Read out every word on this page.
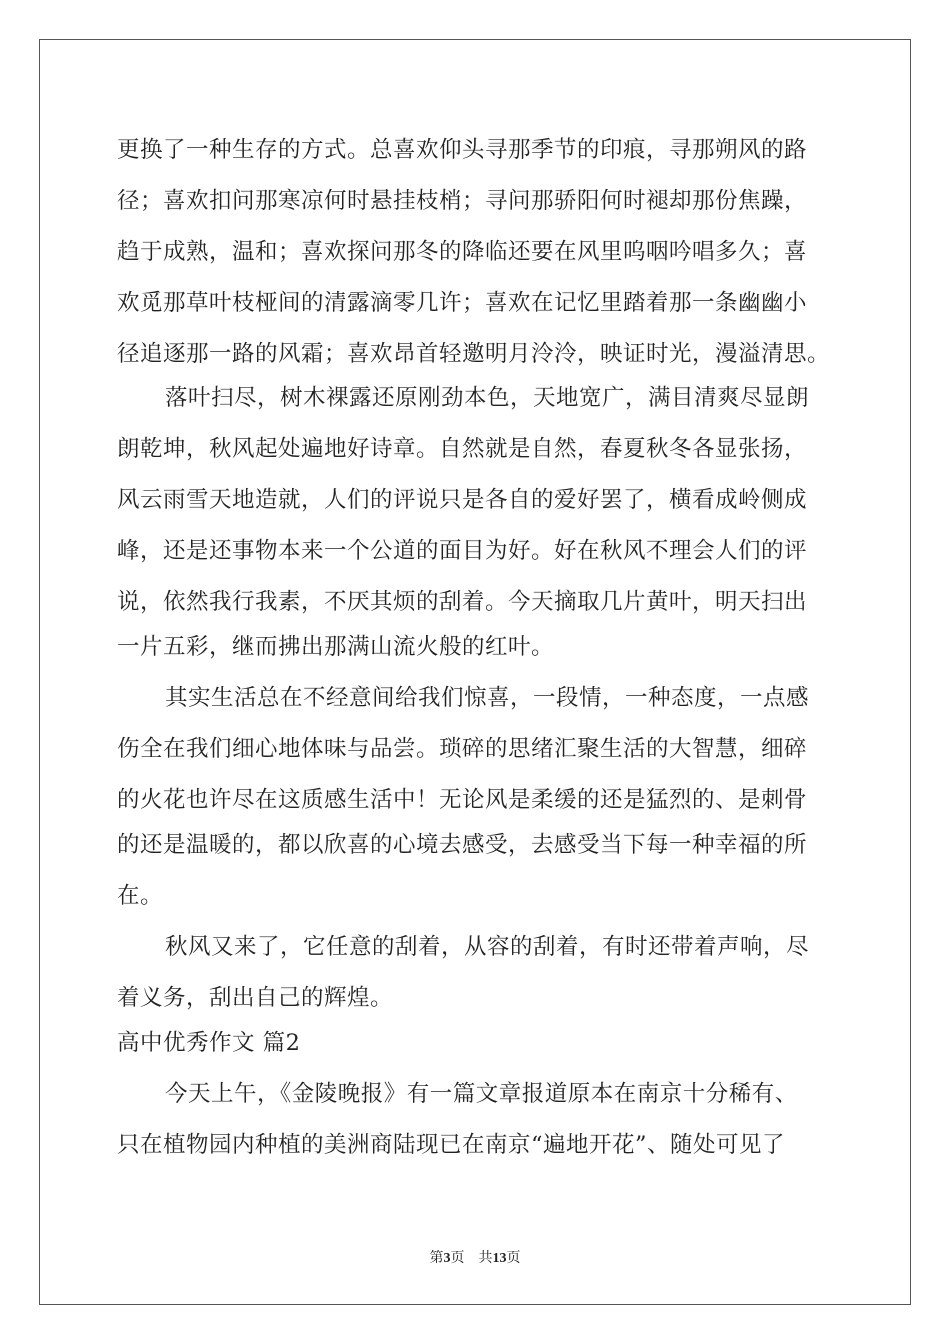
更换了一种生存的方式。总喜欢仰头寻那季节的印痕，寻那朔风的路
径；喜欢扣问那寒凉何时悬挂枝梢；寻问那骄阳何时褪却那份焦躁，
趋于成熟，温和；喜欢探问那冬的降临还要在风里呜咽吟唱多久；喜
欢觅那草叶枝桠间的清露滴零几许；喜欢在记忆里踏着那一条幽幽小
径追逐那一路的风霜；喜欢昂首轻邀明月泠泠，映证时光，漫溢清思。
落叶扫尽，树木裸露还原刚劲本色，天地宽广，满目清爽尽显朗
朗乾坤，秋风起处遍地好诗章。自然就是自然，春夏秋冬各显张扬，
风云雨雪天地造就，人们的评说只是各自的爱好罢了，横看成岭侧成
峰，还是还事物本来一个公道的面目为好。好在秋风不理会人们的评
说，依然我行我素，不厌其烦的刮着。今天摘取几片黄叶，明天扫出
一片五彩，继而拂出那满山流火般的红叶。
其实生活总在不经意间给我们惊喜，一段情，一种态度，一点感
伤全在我们细心地体味与品尝。琐碎的思绪汇聚生活的大智慧，细碎
的火花也许尽在这质感生活中！无论风是柔缓的还是猛烈的、是刺骨
的还是温暖的，都以欣喜的心境去感受，去感受当下每一种幸福的所
在。
秋风又来了，它任意的刮着，从容的刮着，有时还带着声响，尽
着义务，刮出自己的辉煌。
高中优秀作文 篇2
今天上午，《金陵晚报》有一篇文章报道原本在南京十分稀有、
只在植物园内种植的美洲商陆现已在南京“遍地开花”、随处可见了
第3页 共13页
